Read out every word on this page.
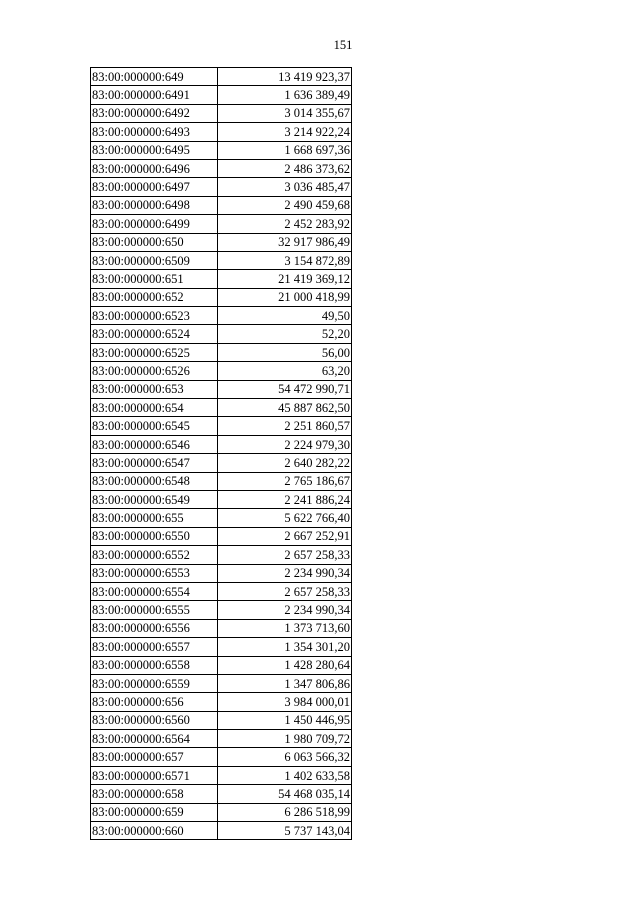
151
83:00:000000:649	13 419 923,37
83:00:000000:6491	1 636 389,49
83:00:000000:6492	3 014 355,67
83:00:000000:6493	3 214 922,24
83:00:000000:6495	1 668 697,36
83:00:000000:6496	2 486 373,62
83:00:000000:6497	3 036 485,47
83:00:000000:6498	2 490 459,68
83:00:000000:6499	2 452 283,92
83:00:000000:650	32 917 986,49
83:00:000000:6509	3 154 872,89
83:00:000000:651	21 419 369,12
83:00:000000:652	21 000 418,99
83:00:000000:6523	49,50
83:00:000000:6524	52,20
83:00:000000:6525	56,00
83:00:000000:6526	63,20
83:00:000000:653	54 472 990,71
83:00:000000:654	45 887 862,50
83:00:000000:6545	2 251 860,57
83:00:000000:6546	2 224 979,30
83:00:000000:6547	2 640 282,22
83:00:000000:6548	2 765 186,67
83:00:000000:6549	2 241 886,24
83:00:000000:655	5 622 766,40
83:00:000000:6550	2 667 252,91
83:00:000000:6552	2 657 258,33
83:00:000000:6553	2 234 990,34
83:00:000000:6554	2 657 258,33
83:00:000000:6555	2 234 990,34
83:00:000000:6556	1 373 713,60
83:00:000000:6557	1 354 301,20
83:00:000000:6558	1 428 280,64
83:00:000000:6559	1 347 806,86
83:00:000000:656	3 984 000,01
83:00:000000:6560	1 450 446,95
83:00:000000:6564	1 980 709,72
83:00:000000:657	6 063 566,32
83:00:000000:6571	1 402 633,58
83:00:000000:658	54 468 035,14
83:00:000000:659	6 286 518,99
83:00:000000:660	5 737 143,04
